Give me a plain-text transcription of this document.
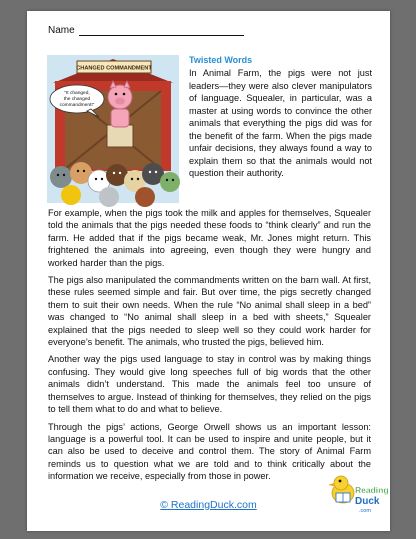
Name
CHANGED COMMANDMENT
"It changed,
the changed
commandment!"
Twisted Words

In Animal Farm, the pigs were not just leaders—they were also clever manipulators of language. Squealer, in particular, was a master at using words to convince the other animals that everything the pigs did was for the benefit of the farm. When the pigs made unfair decisions, they always found a way to explain them so that the animals would not question their authority.

For example, when the pigs took the milk and apples for themselves, Squealer told the animals that the pigs needed these foods to “think clearly” and run the farm. He added that if the pigs became weak, Mr. Jones might return. This frightened the animals into agreeing, even though they were hungry and worked harder than the pigs.

The pigs also manipulated the commandments written on the barn wall. At first, these rules seemed simple and fair. But over time, the pigs secretly changed them to suit their own needs. When the rule “No animal shall sleep in a bed” was changed to “No animal shall sleep in a bed with sheets,” Squealer explained that the pigs needed to sleep well so they could work harder for everyone’s benefit. The animals, who trusted the pigs, believed him.

Another way the pigs used language to stay in control was by making things confusing. They would give long speeches full of big words that the other animals didn’t understand. This made the animals feel too unsure of themselves to argue. Instead of thinking for themselves, they relied on the pigs to tell them what to do and what to believe.

Through the pigs’ actions, George Orwell shows us an important lesson: language is a powerful tool. It can be used to inspire and unite people, but it can also be used to deceive and control them. The story of Animal Farm reminds us to question what we are told and to think critically about the information we receive, especially from those in power.

© ReadingDuck.com
Reading
Duck
.com
